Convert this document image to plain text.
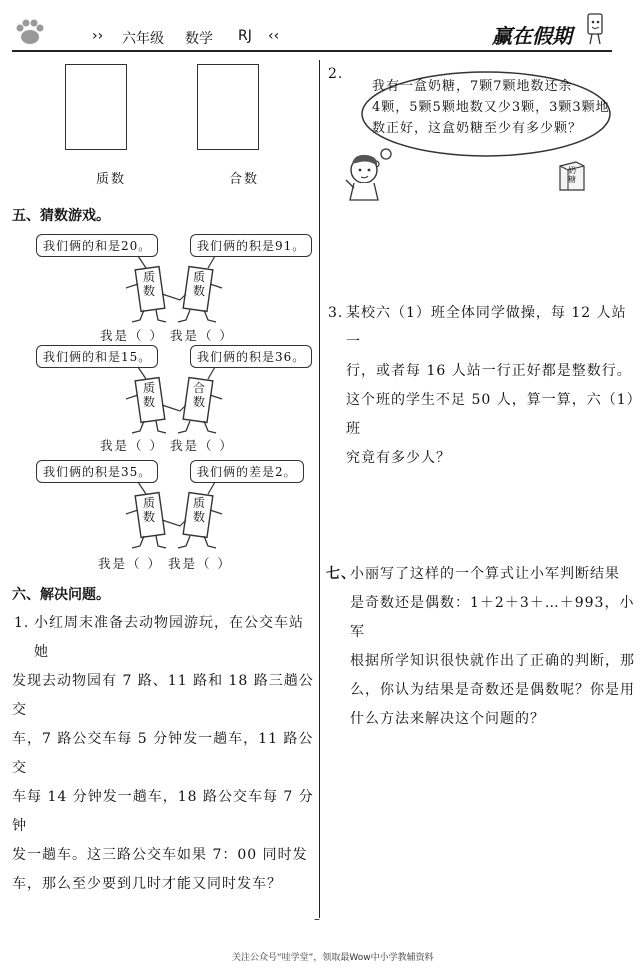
›› 六年级 数学 RJ ‹‹	赢在假期
质数	合数
五、猜数游戏。
我们俩的和是20。	我们俩的积是91。
质数
质数
我是（ ） 我是（ ）
我们俩的和是15。	我们俩的积是36。
质数
合数
我是（ ） 我是（ ）
我们俩的积是35。	我们俩的差是2。
质数
质数
我是（ ） 我是（ ）
六、解决问题。
1. 小红周末准备去动物园游玩，在公交车站她
发现去动物园有 7 路、11 路和 18 路三趟公交
车，7 路公交车每 5 分钟发一趟车，11 路公交
车每 14 分钟发一趟车，18 路公交车每 7 分钟
发一趟车。这三路公交车如果 7：00 同时发
车，那么至少要到几时才能又同时发车？
2.
我有一盒奶糖，7颗7颗地数还余
4颗，5颗5颗地数又少3颗，3颗3颗地
数正好，这盒奶糖至少有多少颗？
奶糖
3. 某校六（1）班全体同学做操，每 12 人站一
行，或者每 16 人站一行正好都是整数行。
这个班的学生不足 50 人，算一算，六（1）班
究竟有多少人？
七、
小丽写了这样的一个算式让小军判断结果
是奇数还是偶数：1＋2＋3＋…＋993，小军
根据所学知识很快就作出了正确的判断，那
么，你认为结果是奇数还是偶数呢？你是用
什么方法来解决这个问题的？
–
关注公众号“哇学堂”，领取最Wow中小学教辅资料
